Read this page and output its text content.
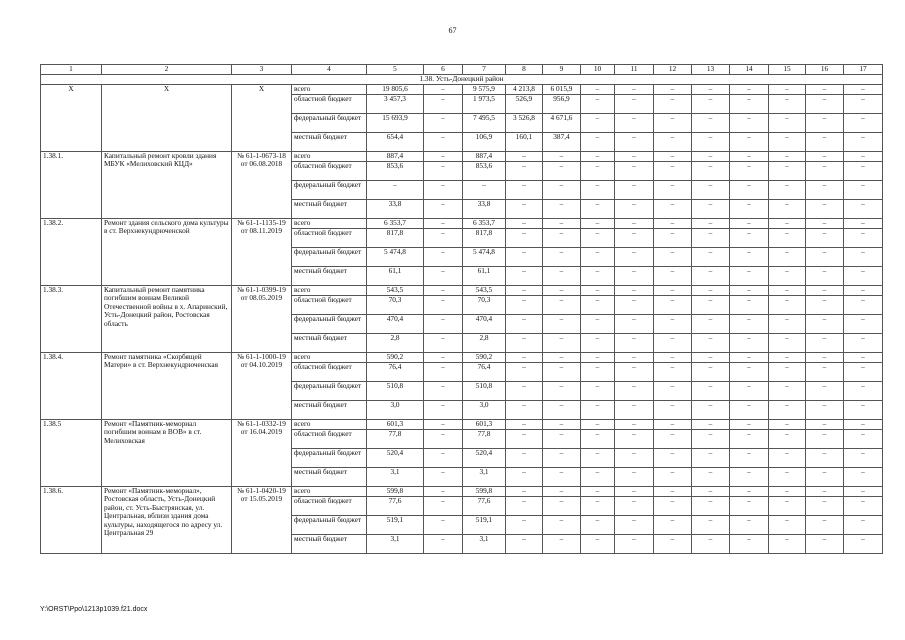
67
1	2	3	4	5	6	7	8	9	10	11	12	13	14	15	16	17
1.38. Усть-Донецкий район																
Х	Х	Х	всего	19 805,6	–	9 575,9	4 213,8	6 015,9	–	–	–	–	–	–	–	–
			областной бюджет	3 457,3	–	1 973,5	526,9	956,9	–	–	–	–	–	–	–	–
			федеральный бюджет	15 693,9	–	7 495,5	3 526,8	4 671,6	–	–	–	–	–	–	–	–
			местный бюджет	654,4	–	106,9	160,1	387,4	–	–	–	–	–	–	–	–
1.38.1.	Капитальный ремонт кровли здания МБУК «Мелиховский КЦД»	№ 61-1-0673-18 от 06.08.2018	всего	887,4	–	887,4	–	–	–	–	–	–	–	–	–	–
			областной бюджет	853,6	–	853,6	–	–	–	–	–	–	–	–	–	–
			федеральный бюджет	–	–	–	–	–	–	–	–	–	–	–	–	–
			местный бюджет	33,8	–	33,8	–	–	–	–	–	–	–	–	–	–
1.38.2.	Ремонт здания сельского дома культуры в ст. Верхнекундрюченской	№ 61-1-1135-19 от 08.11.2019	всего	6 353,7	–	6 353,7	–	–	–	–	–	–	–	–	–	–
			областной бюджет	817,8	–	817,8	–	–	–	–	–	–	–	–	–	–
			федеральный бюджет	5 474,8	–	5 474,8	–	–	–	–	–	–	–	–	–	–
			местный бюджет	61,1	–	61,1	–	–	–	–	–	–	–	–	–	–
1.38.3.	Капитальный ремонт памятника погибшим воинам Великой Отечественной войны в х. Апаринский, Усть-Донецкий район, Ростовская область	№ 61-1-0399-19 от 08.05.2019	всего	543,5	–	543,5	–	–	–	–	–	–	–	–	–	–
			областной бюджет	70,3	–	70,3	–	–	–	–	–	–	–	–	–	–
			федеральный бюджет	470,4	–	470,4	–	–	–	–	–	–	–	–	–	–
			местный бюджет	2,8	–	2,8	–	–	–	–	–	–	–	–	–	–
1.38.4.	Ремонт памятника «Скорбящей Матери» в ст. Верхнекундрюченская	№ 61-1-1000-19 от 04.10.2019	всего	590,2	–	590,2	–	–	–	–	–	–	–	–	–	–
			областной бюджет	76,4	–	76,4	–	–	–	–	–	–	–	–	–	–
			федеральный бюджет	510,8	–	510,8	–	–	–	–	–	–	–	–	–	–
			местный бюджет	3,0	–	3,0	–	–	–	–	–	–	–	–	–	–
1.38.5	Ремонт «Памятник-мемориал погибшим воинам в ВОВ» в ст. Мелиховская	№ 61-1-0332-19 от 16.04.2019	всего	601,3	–	601,3	–	–	–	–	–	–	–	–	–	–
			областной бюджет	77,8	–	77,8	–	–	–	–	–	–	–	–	–	–
			федеральный бюджет	520,4	–	520,4	–	–	–	–	–	–	–	–	–	–
			местный бюджет	3,1	–	3,1	–	–	–	–	–	–	–	–	–	–
1.38.6.	Ремонт «Памятник-мемориал», Ростовская область, Усть-Донецкий район, ст. Усть-Быстрянская, ул. Центральная, вблизи здания дома культуры, находящегося по адресу ул. Центральная 29	№ 61-1-0420-19 от 15.05.2019	всего	599,8	–	599,8	–	–	–	–	–	–	–	–	–	–
			областной бюджет	77,6	–	77,6	–	–	–	–	–	–	–	–	–	–
			федеральный бюджет	519,1	–	519,1	–	–	–	–	–	–	–	–	–	–
			местный бюджет	3,1	–	3,1	–	–	–	–	–	–	–	–	–	–
Y:\ORST\Ppo\1213p1039.f21.docx
